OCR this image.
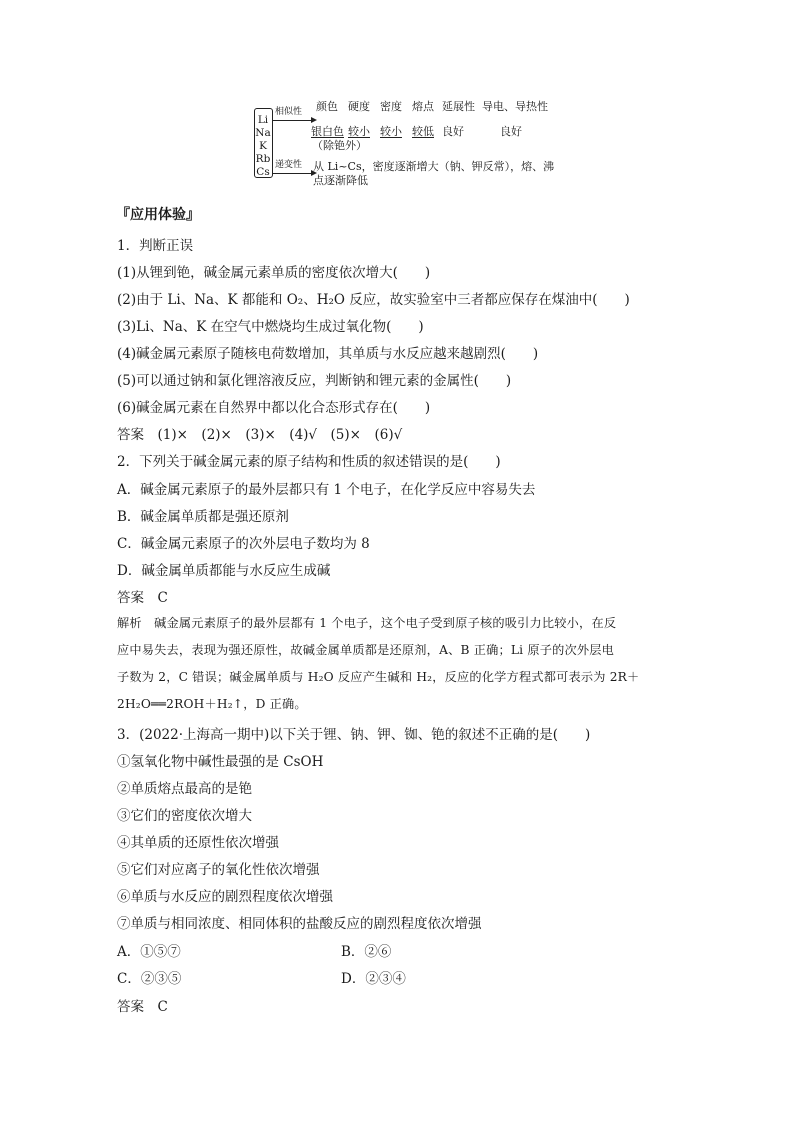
Li
Na
K
Rb
Cs
相似性
递变性
颜色 硬度 密度 熔点 延展性 导电、导热性
银白色 较小 较小 较低 良好	良好
（除铯外）
从 Li~Cs，密度逐渐增大（钠、钾反常），熔、沸
点逐渐降低
『应用体验』
1．判断正误
(1)从锂到铯，碱金属元素单质的密度依次增大(　　)
(2)由于 Li、Na、K 都能和 O₂、H₂O 反应，故实验室中三者都应保存在煤油中(　　)
(3)Li、Na、K 在空气中燃烧均生成过氧化物(　　)
(4)碱金属元素原子随核电荷数增加，其单质与水反应越来越剧烈(　　)
(5)可以通过钠和氯化锂溶液反应，判断钠和锂元素的金属性(　　)
(6)碱金属元素在自然界中都以化合态形式存在(　　)
答案　(1)×　(2)×　(3)×　(4)√　(5)×　(6)√
2．下列关于碱金属元素的原子结构和性质的叙述错误的是(　　)
A．碱金属元素原子的最外层都只有 1 个电子，在化学反应中容易失去
B．碱金属单质都是强还原剂
C．碱金属元素原子的次外层电子数均为 8
D．碱金属单质都能与水反应生成碱
答案　C
解析　碱金属元素原子的最外层都有 1 个电子，这个电子受到原子核的吸引力比较小，在反
应中易失去，表现为强还原性，故碱金属单质都是还原剂，A、B 正确；Li 原子的次外层电
子数为 2，C 错误；碱金属单质与 H₂O 反应产生碱和 H₂，反应的化学方程式都可表示为 2R＋
2H₂O══2ROH＋H₂↑，D 正确。
3．(2022·上海高一期中)以下关于锂、钠、钾、铷、铯的叙述不正确的是(　　)
①氢氧化物中碱性最强的是 CsOH
②单质熔点最高的是铯
③它们的密度依次增大
④其单质的还原性依次增强
⑤它们对应离子的氧化性依次增强
⑥单质与水反应的剧烈程度依次增强
⑦单质与相同浓度、相同体积的盐酸反应的剧烈程度依次增强
A．①⑤⑦	B．②⑥
C．②③⑤	D．②③④
答案　C
